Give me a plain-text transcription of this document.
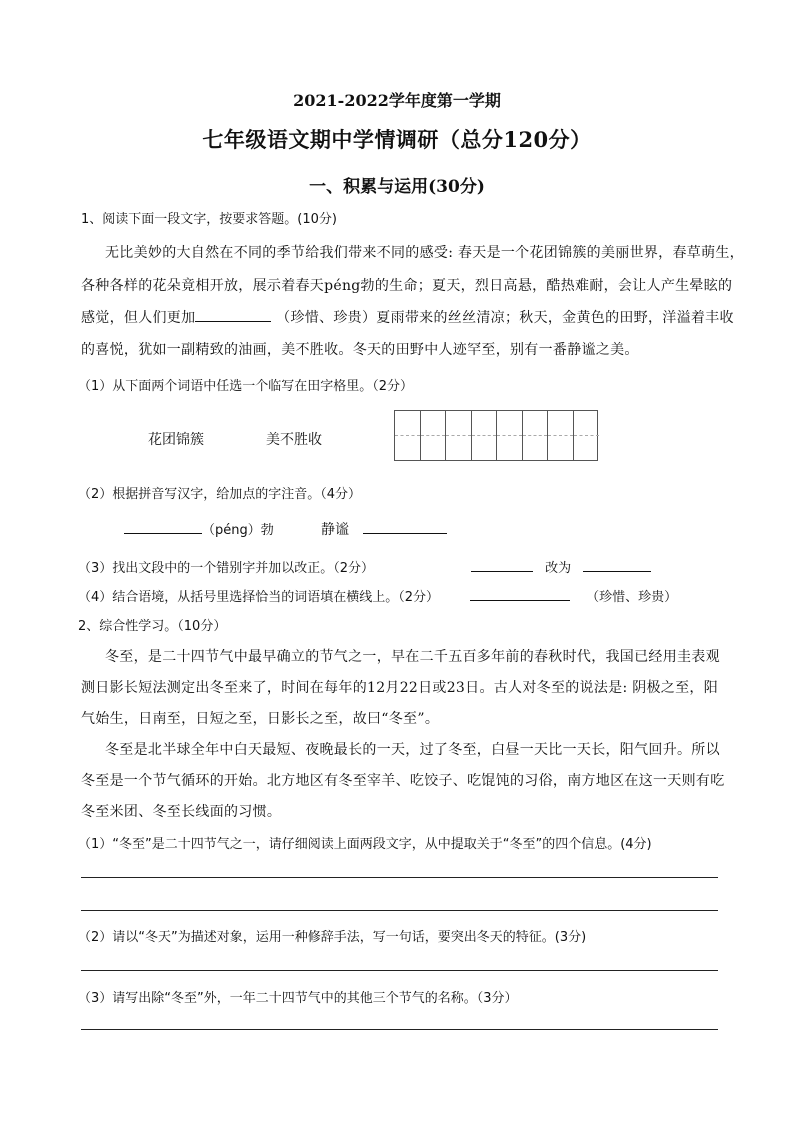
2021-2022学年度第一学期
七年级语文期中学情调研（总分120分）
一、积累与运用(30分)
1、阅读下面一段文字，按要求答题。(10分)
无比美妙的大自然在不同的季节给我们带来不同的感受: 春天是一个花团锦簇的美丽世界，春草萌生，
各种各样的花朵竟相开放，展示着春天péng勃的生命；夏天，烈日高悬，酷热难耐，会让人产生晕眩的
感觉，但人们更加	（珍惜、珍贵）夏雨带来的丝丝清凉；秋天，金黄色的田野，洋溢着丰收
的喜悦，犹如一副精致的油画，美不胜收。冬天的田野中人迹罕至，别有一番静谧之美。
（1）从下面两个词语中任选一个临写在田字格里。（2分）
花团锦簇	美不胜收
（2）根据拼音写汉字，给加点的字注音。（4分）
（péng）勃	静谧
（3）找出文段中的一个错别字并加以改正。（2分）	改为
（4）结合语境，从括号里选择恰当的词语填在横线上。（2分）	（珍惜、珍贵）
2、综合性学习。（10分）
冬至，是二十四节气中最早确立的节气之一，早在二千五百多年前的春秋时代，我国已经用圭表观
测日影长短法测定出冬至来了，时间在每年的12月22日或23日。古人对冬至的说法是: 阴极之至，阳
气始生，日南至，日短之至，日影长之至，故曰“冬至”。
冬至是北半球全年中白天最短、夜晚最长的一天，过了冬至，白昼一天比一天长，阳气回升。所以
冬至是一个节气循环的开始。北方地区有冬至宰羊、吃饺子、吃馄饨的习俗，南方地区在这一天则有吃
冬至米团、冬至长线面的习惯。
（1）“冬至”是二十四节气之一，请仔细阅读上面两段文字，从中提取关于“冬至”的四个信息。(4分)
（2）请以“冬天”为描述对象，运用一种修辞手法，写一句话，要突出冬天的特征。(3分)
（3）请写出除“冬至”外，一年二十四节气中的其他三个节气的名称。（3分）
